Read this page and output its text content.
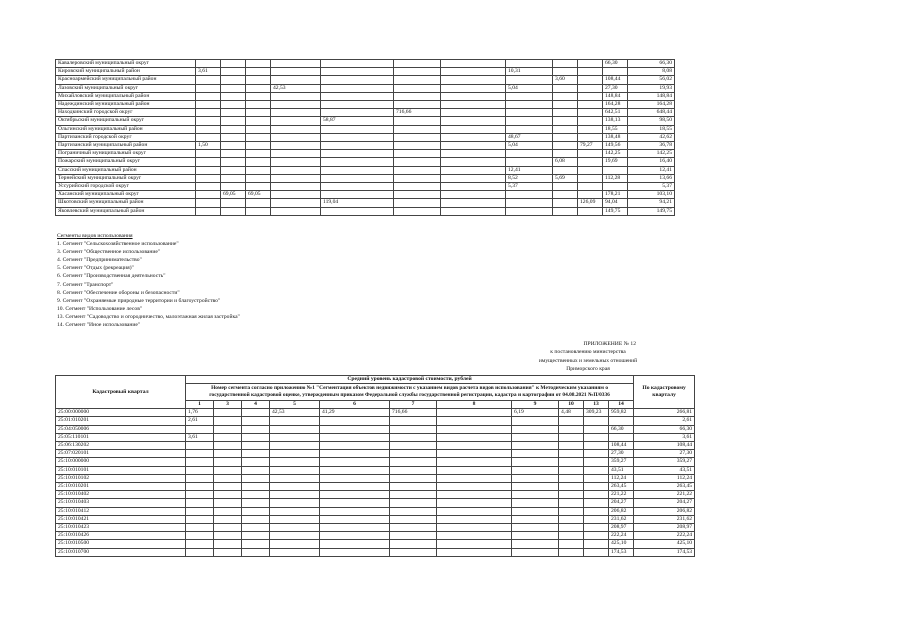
Кавалеровский муниципальный округ											66,30	66,30
Кировский муниципальный район	3,61							10,31				8,08
Красноармейский муниципальный район									3,60		108,44	56,02
Лазовский муниципальный округ				42,53				5,04			27,30	19,93
Михайловский муниципальный район											148,84	148,84
Надеждинский муниципальный район											164,28	164,28
Находкинский городской округ						716,66					642,51	648,44
Октябрьский муниципальный округ					58,87						138,13	98,50
Ольгинский муниципальный район											18,55	18,55
Партизанский городской округ								48,67			138,48	42,62
Партизанский муниципальный район	1,50							5,04		79,27	149,56	36,78
Пограничный муниципальный округ											142,25	142,25
Пожарский муниципальный округ									6,08		19,69	16,40
Спасский муниципальный район								12,41				12,41
Тернейский муниципальный округ								8,52	5,69		112,28	13,66
Уссурийский городской округ								5,37				5,37
Хасанский муниципальный округ		69,05	69,05								178,21	103,10
Шкотовский муниципальный район					119,04					126,09	94,04	94,21
Яковлевский муниципальный район											149,75	149,75
Сегменты видов использования
1. Сегмент "Сельскохозяйственное использование"
3. Сегмент "Общественное использование"
4. Сегмент "Предпринимательство"
5. Сегмент "Отдых (рекреация)"
6. Сегмент "Производственная деятельность"
7. Сегмент "Транспорт"
8. Сегмент "Обеспечение обороны и безопасности"
9. Сегмент "Охраняемые природные территории и благоустройство"
10. Сегмент "Использование лесов"
13. Сегмент "Садоводство и огородничество, малоэтажная жилая застройка"
14. Сегмент "Иное использование"
ПРИЛОЖЕНИЕ № 12
к постановлению министерства
имущественных и земельных отношений
Приморского края
Кадастровый квартал	Средний уровень кадастровой стоимости, рублей											По кадастровому кварталу
	Номер сегмента согласно приложению №1 "Сегментация объектов недвижимости с указанием видов расчета видов использования" к Методическим указаниям о государственной кадастровой оценке, утвержденным приказом Федеральной службы государственной регистрации, кадастра и картографии от 04.08.2021 №П/0336											
	1	3	4	5	6	7	8	9	10	13	14	
25:00:000000	1,76			42,53	41,29	716,66		6,19	4,48	309,23	959,82	266,81
25:01:010201	2,61											2,61
25:04:050006											66,30	66,30
25:05:110101	3,61											3,61
25:06:130202											108,44	108,44
25:07:020101											27,30	27,30
25:10:000000											359,27	359,27
25:10:010101											43,51	43,51
25:10:010102											112,24	112,24
25:10:010201											263,45	263,45
25:10:010402											221,22	221,22
25:10:010403											204,27	204,27
25:10:010412											206,82	206,82
25:10:010421											231,62	231,62
25:10:010423											208,97	208,97
25:10:010426											222,24	222,24
25:10:010500											425,10	425,10
25:10:010700											174,53	174,53
